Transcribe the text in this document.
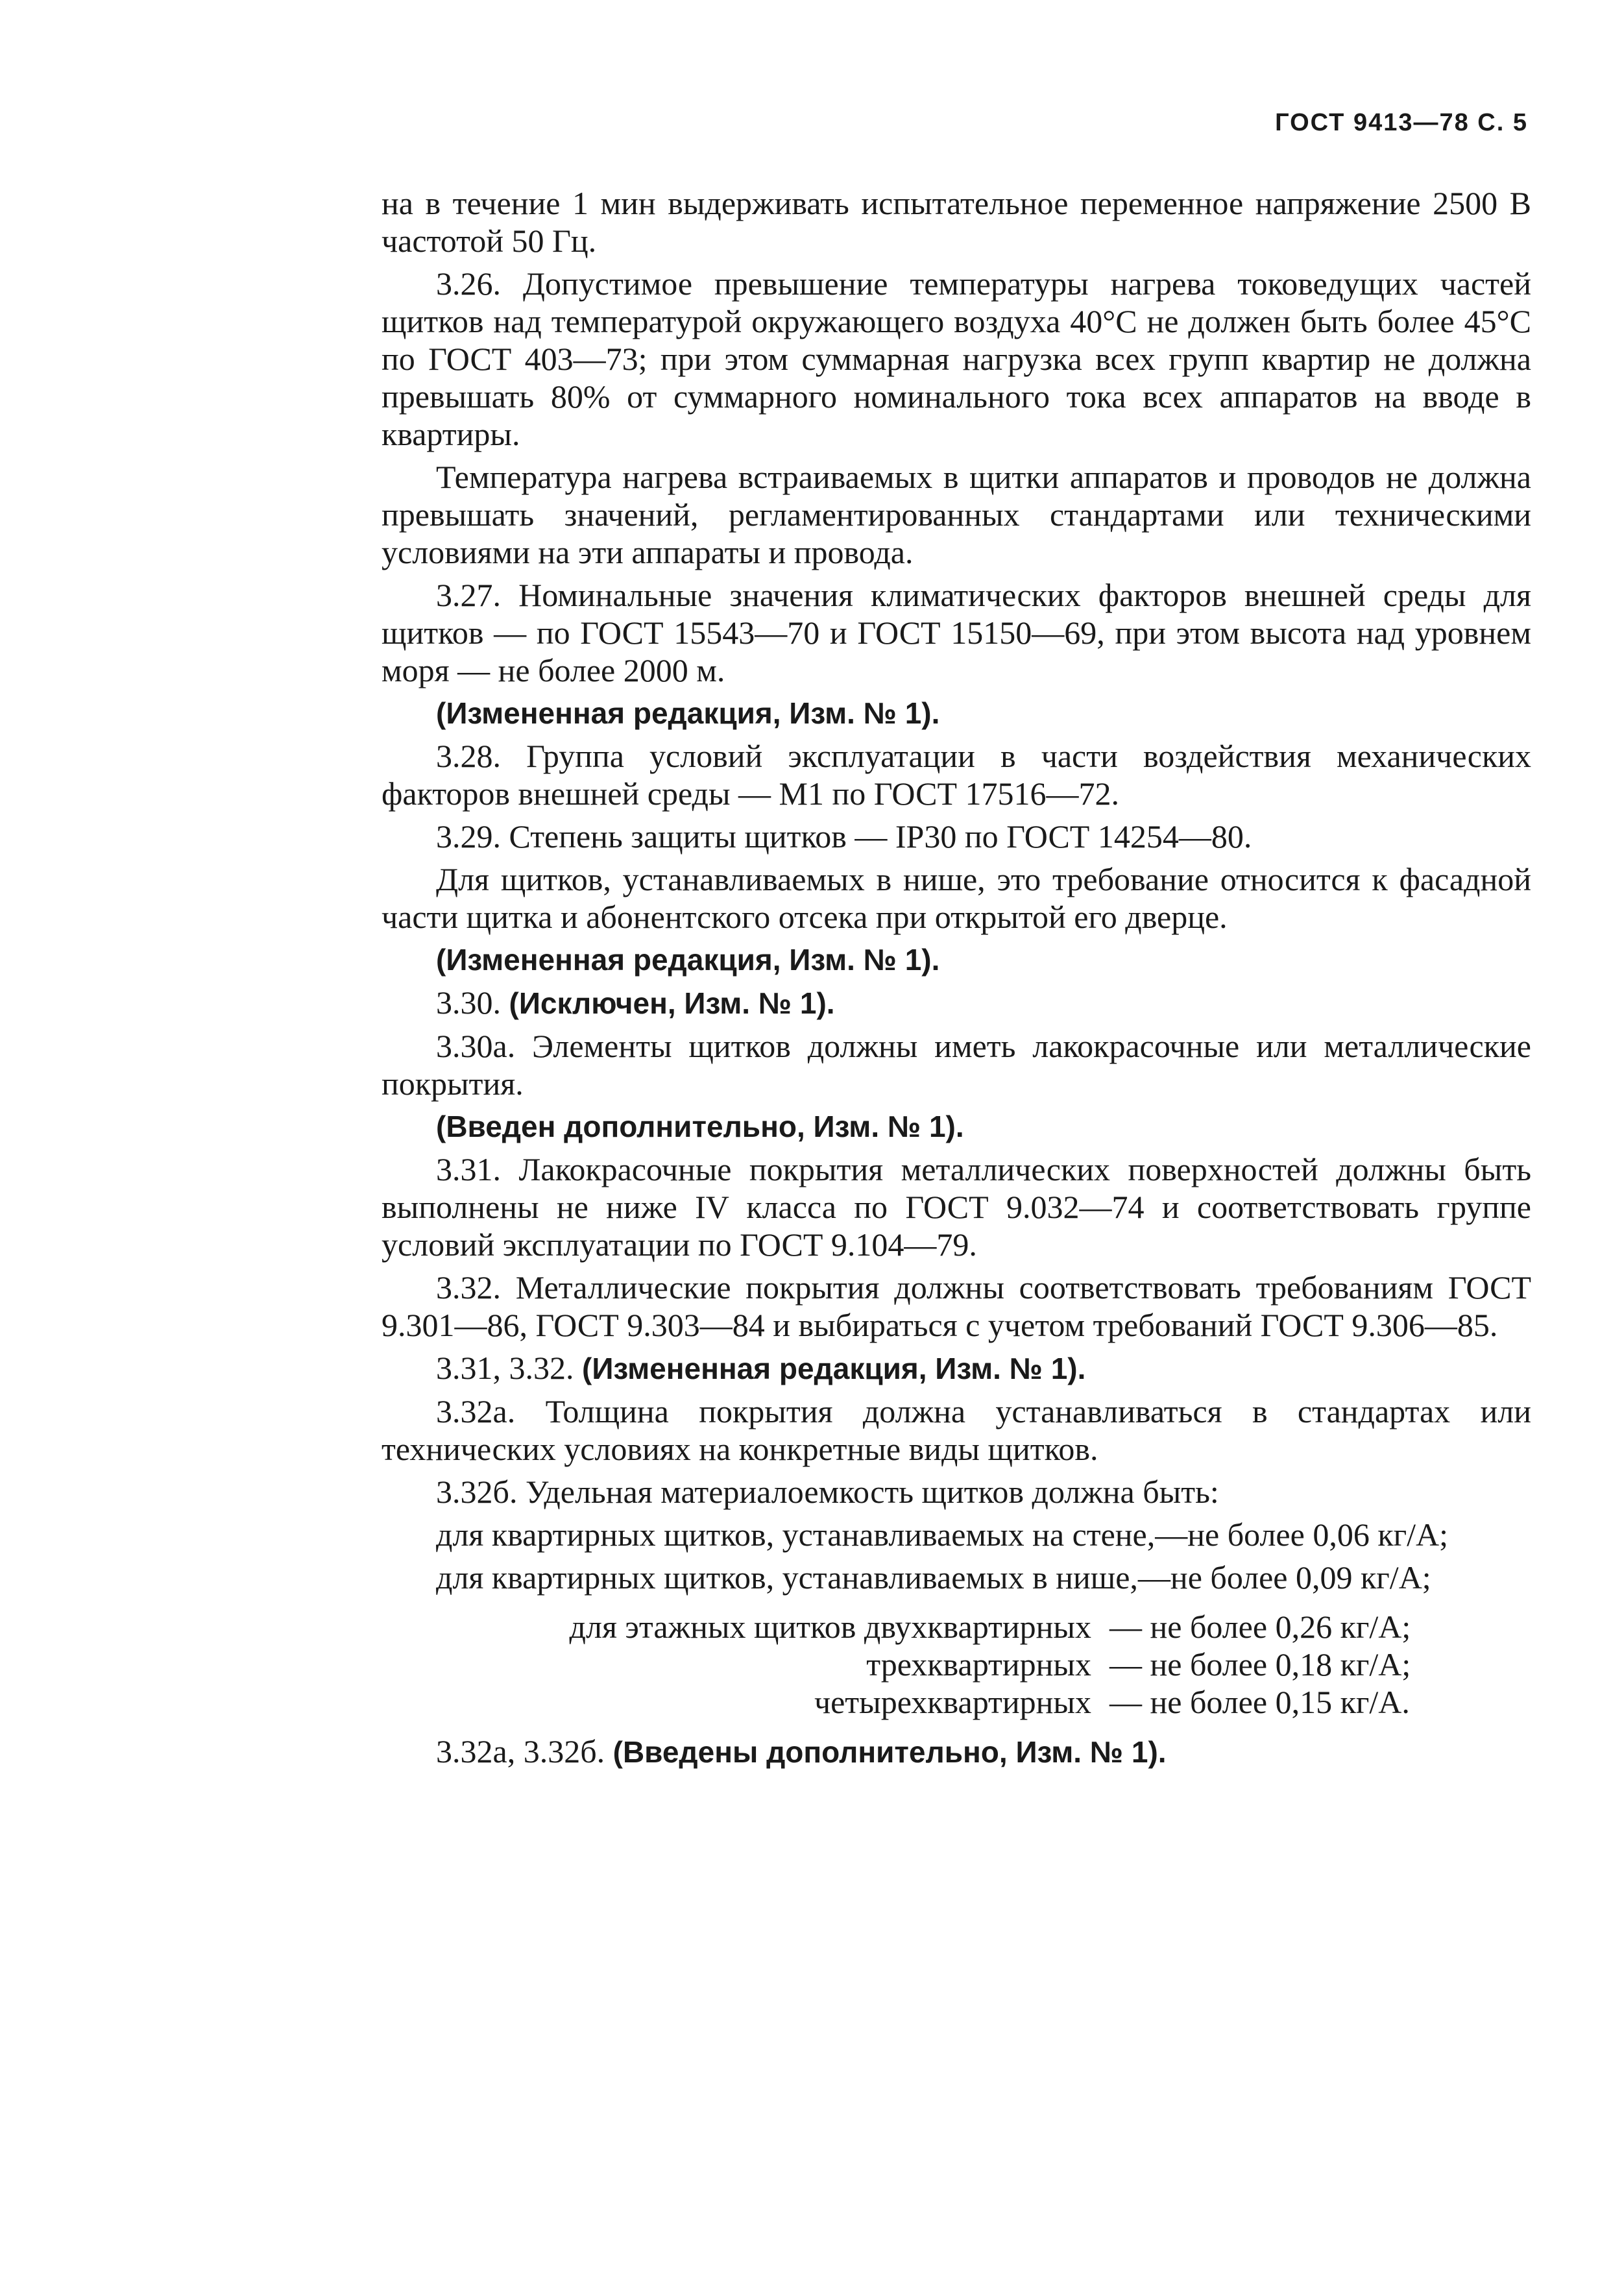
ГОСТ 9413—78 С. 5

на в течение 1 мин выдерживать испытательное переменное напряжение 2500 В частотой 50 Гц.

3.26. Допустимое превышение температуры нагрева токоведущих частей щитков над температурой окружающего воздуха 40°С не должен быть более 45°С по ГОСТ 403—73; при этом суммарная нагрузка всех групп квартир не должна превышать 80% от суммарного номинального тока всех аппаратов на вводе в квартиры.

Температура нагрева встраиваемых в щитки аппаратов и проводов не должна превышать значений, регламентированных стандартами или техническими условиями на эти аппараты и провода.

3.27. Номинальные значения климатических факторов внешней среды для щитков — по ГОСТ 15543—70 и ГОСТ 15150—69, при этом высота над уровнем моря — не более 2000 м.

(Измененная редакция, Изм. № 1).

3.28. Группа условий эксплуатации в части воздействия механических факторов внешней среды — М1 по ГОСТ 17516—72.

3.29. Степень защиты щитков — IP30 по ГОСТ 14254—80.

Для щитков, устанавливаемых в нише, это требование относится к фасадной части щитка и абонентского отсека при открытой его дверце.

(Измененная редакция, Изм. № 1).

3.30. (Исключен, Изм. № 1).

3.30а. Элементы щитков должны иметь лакокрасочные или металлические покрытия.

(Введен дополнительно, Изм. № 1).

3.31. Лакокрасочные покрытия металлических поверхностей должны быть выполнены не ниже IV класса по ГОСТ 9.032—74 и соответствовать группе условий эксплуатации по ГОСТ 9.104—79.

3.32. Металлические покрытия должны соответствовать требованиям ГОСТ 9.301—86, ГОСТ 9.303—84 и выбираться с учетом требований ГОСТ 9.306—85.

3.31, 3.32. (Измененная редакция, Изм. № 1).

3.32а. Толщина покрытия должна устанавливаться в стандартах или технических условиях на конкретные виды щитков.

3.32б. Удельная материалоемкость щитков должна быть:

для квартирных щитков, устанавливаемых на стене,—не более 0,06 кг/А;

для квартирных щитков, устанавливаемых в нише,—не более 0,09 кг/А;

для этажных щитков двухквартирных — не более 0,26 кг/А;
трехквартирных — не более 0,18 кг/А;
четырехквартирных — не более 0,15 кг/А.

3.32а, 3.32б. (Введены дополнительно, Изм. № 1).
